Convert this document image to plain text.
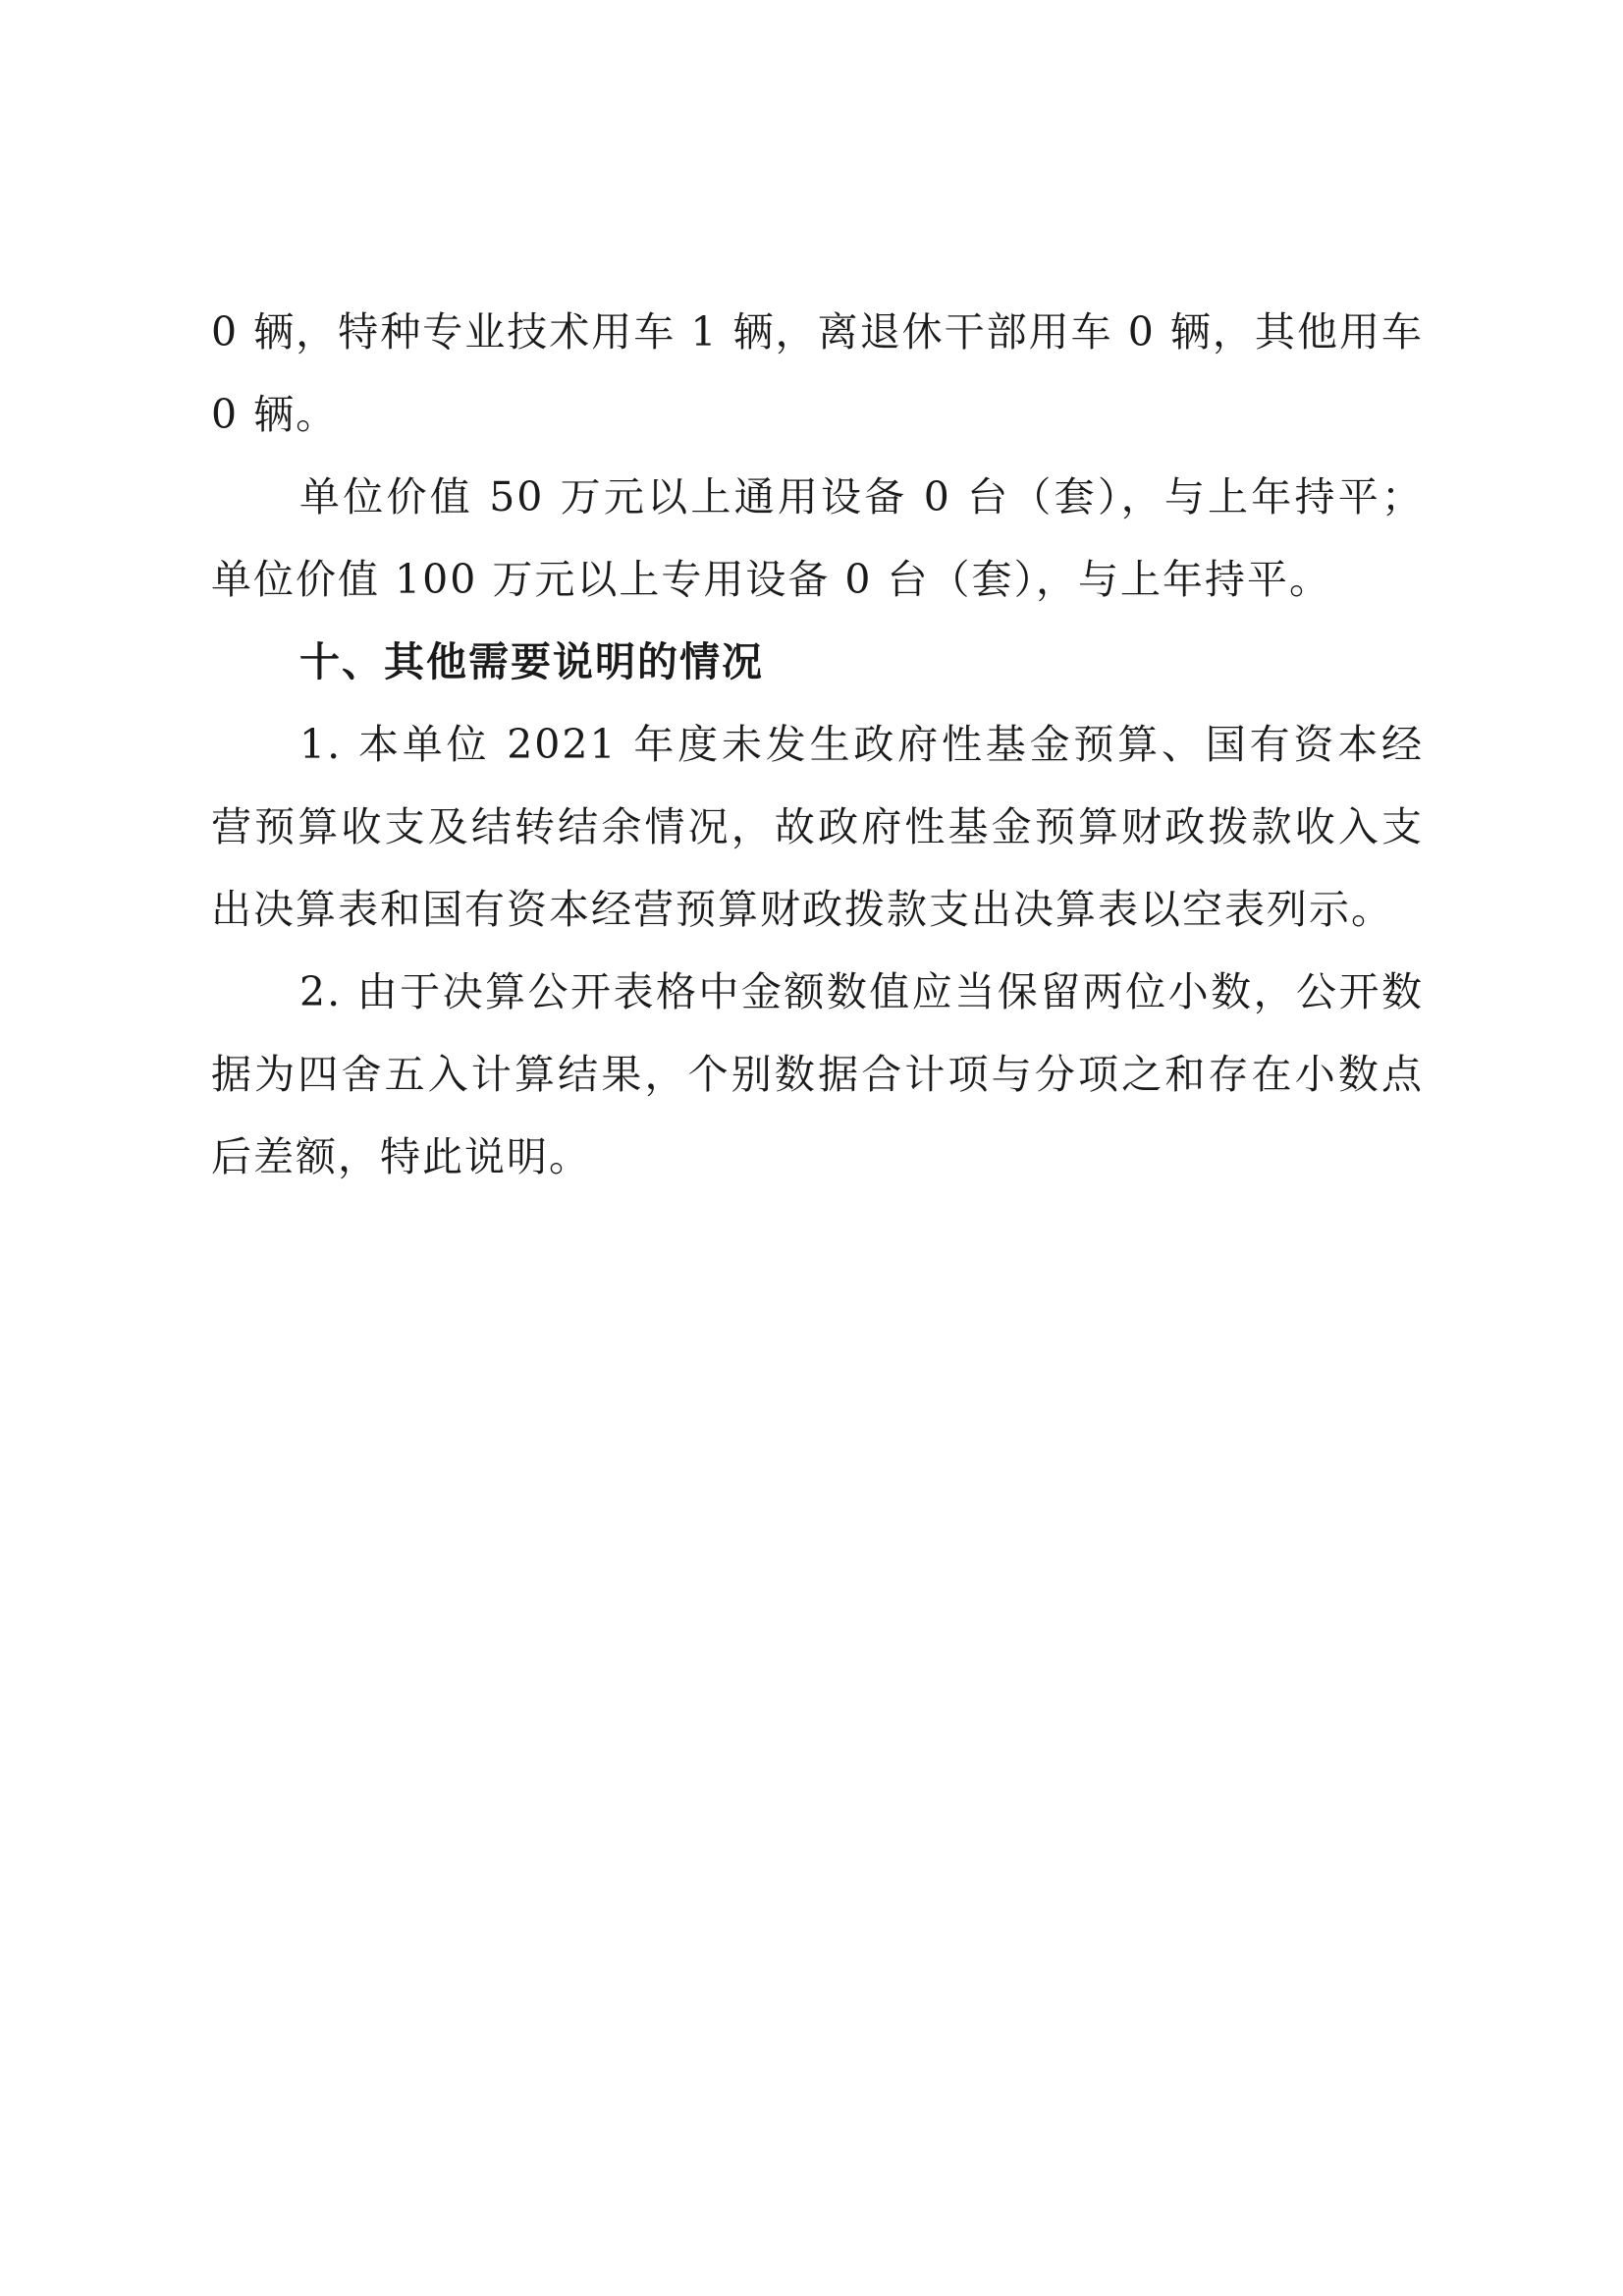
0 辆，特种专业技术用车 1 辆，离退休干部用车 0 辆，其他用车 0 辆。

单位价值 50 万元以上通用设备 0 台（套），与上年持平；单位价值 100 万元以上专用设备 0 台（套），与上年持平。

十、其他需要说明的情况

1. 本单位 2021 年度未发生政府性基金预算、国有资本经营预算收支及结转结余情况，故政府性基金预算财政拨款收入支出决算表和国有资本经营预算财政拨款支出决算表以空表列示。

2. 由于决算公开表格中金额数值应当保留两位小数，公开数据为四舍五入计算结果，个别数据合计项与分项之和存在小数点后差额，特此说明。
